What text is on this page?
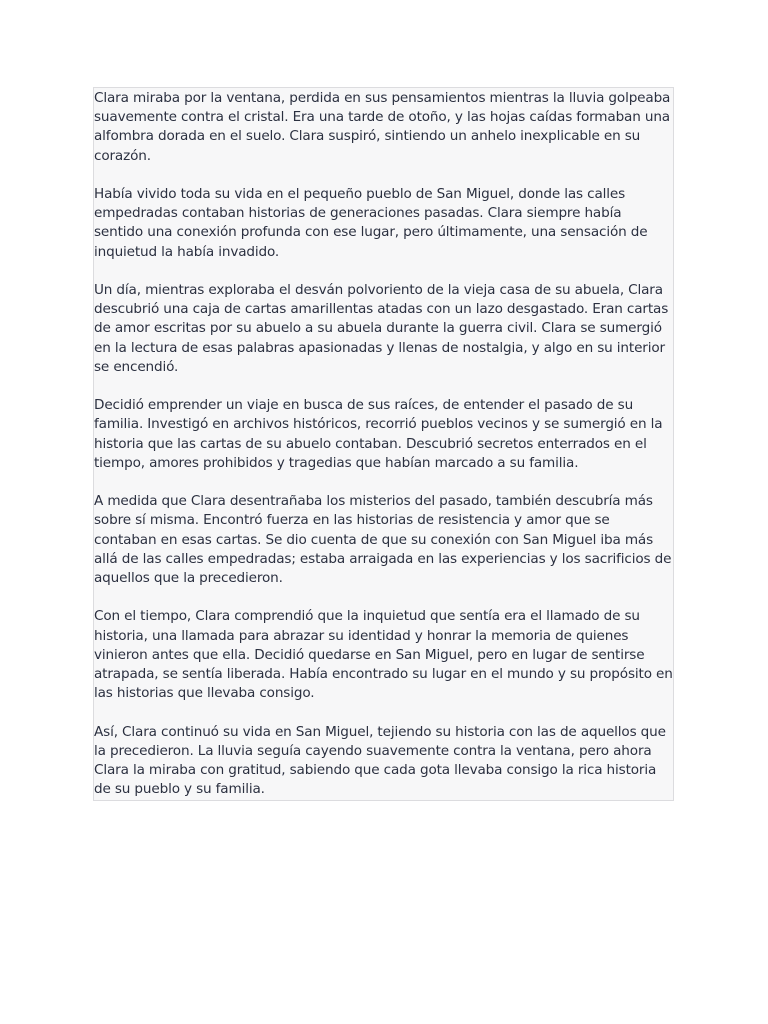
Clara miraba por la ventana, perdida en sus pensamientos mientras la lluvia golpeaba suavemente contra el cristal. Era una tarde de otoño, y las hojas caídas formaban una alfombra dorada en el suelo. Clara suspiró, sintiendo un anhelo inexplicable en su corazón.

Había vivido toda su vida en el pequeño pueblo de San Miguel, donde las calles empedradas contaban historias de generaciones pasadas. Clara siempre había sentido una conexión profunda con ese lugar, pero últimamente, una sensación de inquietud la había invadido.

Un día, mientras exploraba el desván polvoriento de la vieja casa de su abuela, Clara descubrió una caja de cartas amarillentas atadas con un lazo desgastado. Eran cartas de amor escritas por su abuelo a su abuela durante la guerra civil. Clara se sumergió en la lectura de esas palabras apasionadas y llenas de nostalgia, y algo en su interior se encendió.

Decidió emprender un viaje en busca de sus raíces, de entender el pasado de su familia. Investigó en archivos históricos, recorrió pueblos vecinos y se sumergió en la historia que las cartas de su abuelo contaban. Descubrió secretos enterrados en el tiempo, amores prohibidos y tragedias que habían marcado a su familia.

A medida que Clara desentrañaba los misterios del pasado, también descubría más sobre sí misma. Encontró fuerza en las historias de resistencia y amor que se contaban en esas cartas. Se dio cuenta de que su conexión con San Miguel iba más allá de las calles empedradas; estaba arraigada en las experiencias y los sacrificios de aquellos que la precedieron.

Con el tiempo, Clara comprendió que la inquietud que sentía era el llamado de su historia, una llamada para abrazar su identidad y honrar la memoria de quienes vinieron antes que ella. Decidió quedarse en San Miguel, pero en lugar de sentirse atrapada, se sentía liberada. Había encontrado su lugar en el mundo y su propósito en las historias que llevaba consigo.

Así, Clara continuó su vida en San Miguel, tejiendo su historia con las de aquellos que la precedieron. La lluvia seguía cayendo suavemente contra la ventana, pero ahora Clara la miraba con gratitud, sabiendo que cada gota llevaba consigo la rica historia de su pueblo y su familia.
